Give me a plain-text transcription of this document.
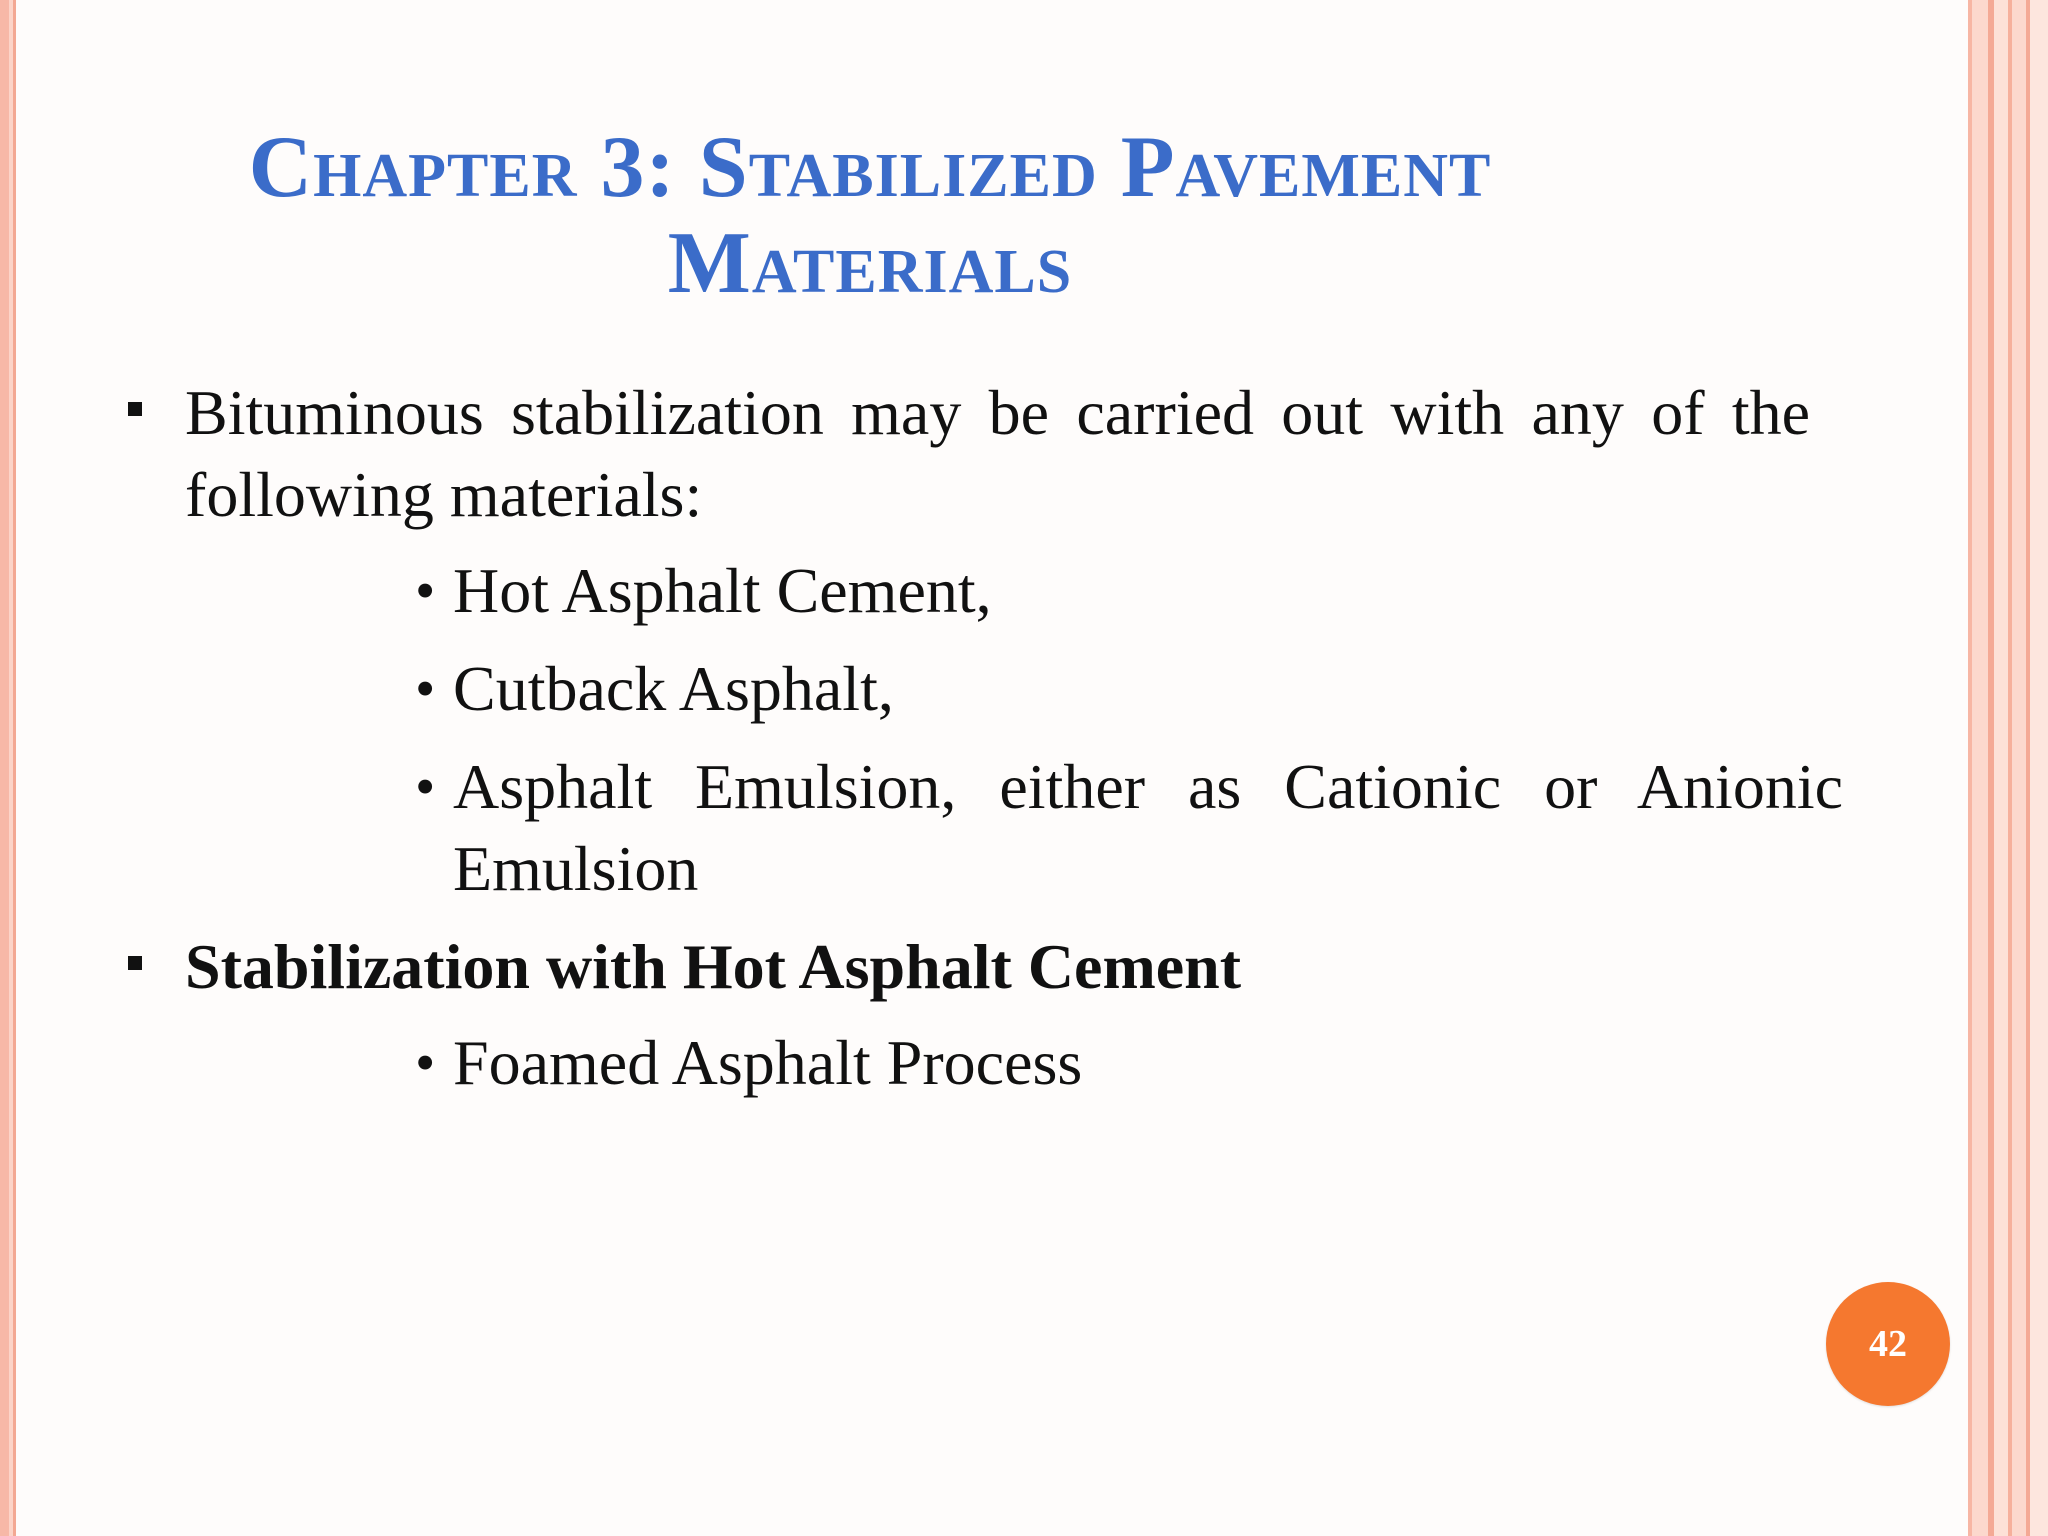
Chapter 3: Stabilized Pavement Materials

Bituminous stabilization may be carried out with any of the following materials:

• Hot Asphalt Cement,
• Cutback Asphalt,
• Asphalt Emulsion, either as Cationic or Anionic Emulsion

Stabilization with Hot Asphalt Cement

• Foamed Asphalt Process
42
